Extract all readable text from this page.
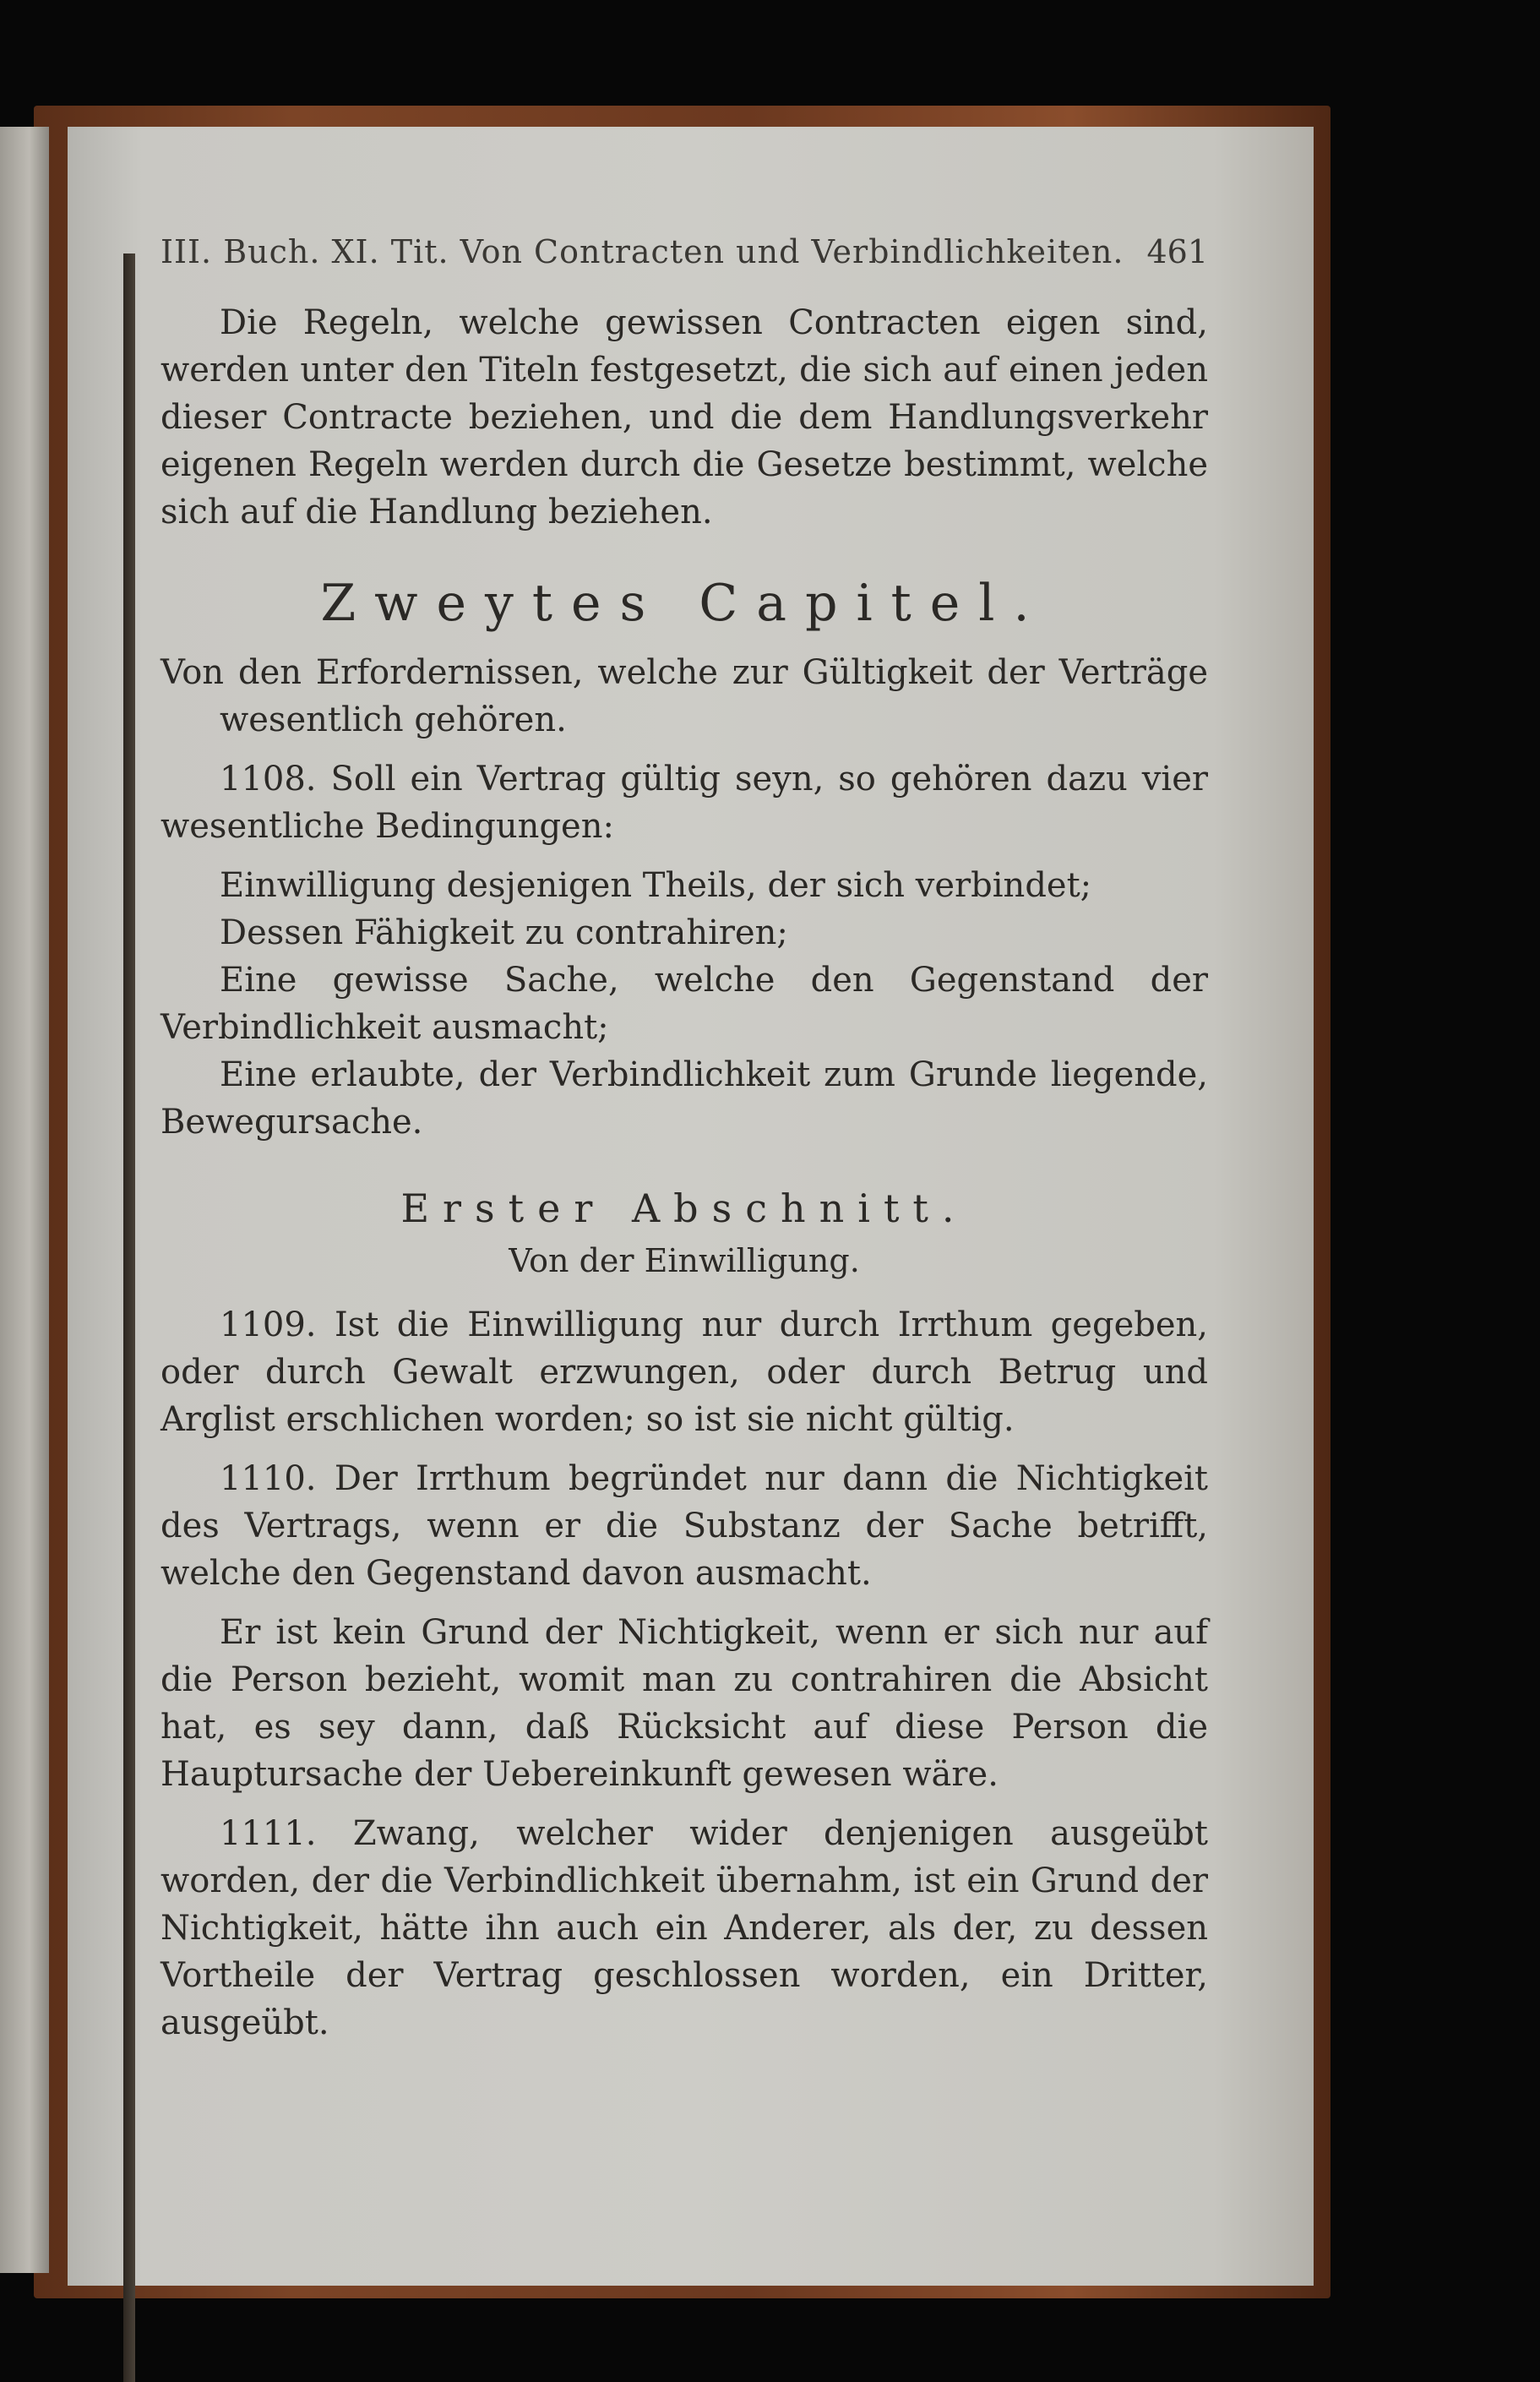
III. Buch. XI. Tit. Von Contracten und Verbindlichkeiten. 461

Die Regeln, welche gewissen Contracten eigen sind, werden unter den Titeln festgesetzt, die sich auf einen jeden dieser Contracte beziehen, und die dem Handlungsverkehr eigenen Regeln werden durch die Gesetze bestimmt, welche sich auf die Handlung beziehen.

Zweytes Capitel.

Von den Erfordernissen, welche zur Gültigkeit der Verträge wesentlich gehören.

1108. Soll ein Vertrag gültig seyn, so gehören dazu vier wesentliche Bedingungen:

Einwilligung desjenigen Theils, der sich verbindet;

Dessen Fähigkeit zu contrahiren;

Eine gewisse Sache, welche den Gegenstand der Verbindlichkeit ausmacht;

Eine erlaubte, der Verbindlichkeit zum Grunde liegende, Bewegursache.

Erster Abschnitt.
Von der Einwilligung.

1109. Ist die Einwilligung nur durch Irrthum gegeben, oder durch Gewalt erzwungen, oder durch Betrug und Arglist erschlichen worden; so ist sie nicht gültig.

1110. Der Irrthum begründet nur dann die Nichtigkeit des Vertrags, wenn er die Substanz der Sache betrifft, welche den Gegenstand davon ausmacht.

Er ist kein Grund der Nichtigkeit, wenn er sich nur auf die Person bezieht, womit man zu contrahiren die Absicht hat, es sey dann, daß Rücksicht auf diese Person die Hauptursache der Uebereinkunft gewesen wäre.

1111. Zwang, welcher wider denjenigen ausgeübt worden, der die Verbindlichkeit übernahm, ist ein Grund der Nichtigkeit, hätte ihn auch ein Anderer, als der, zu dessen Vortheile der Vertrag geschlossen worden, ein Dritter, ausgeübt.
